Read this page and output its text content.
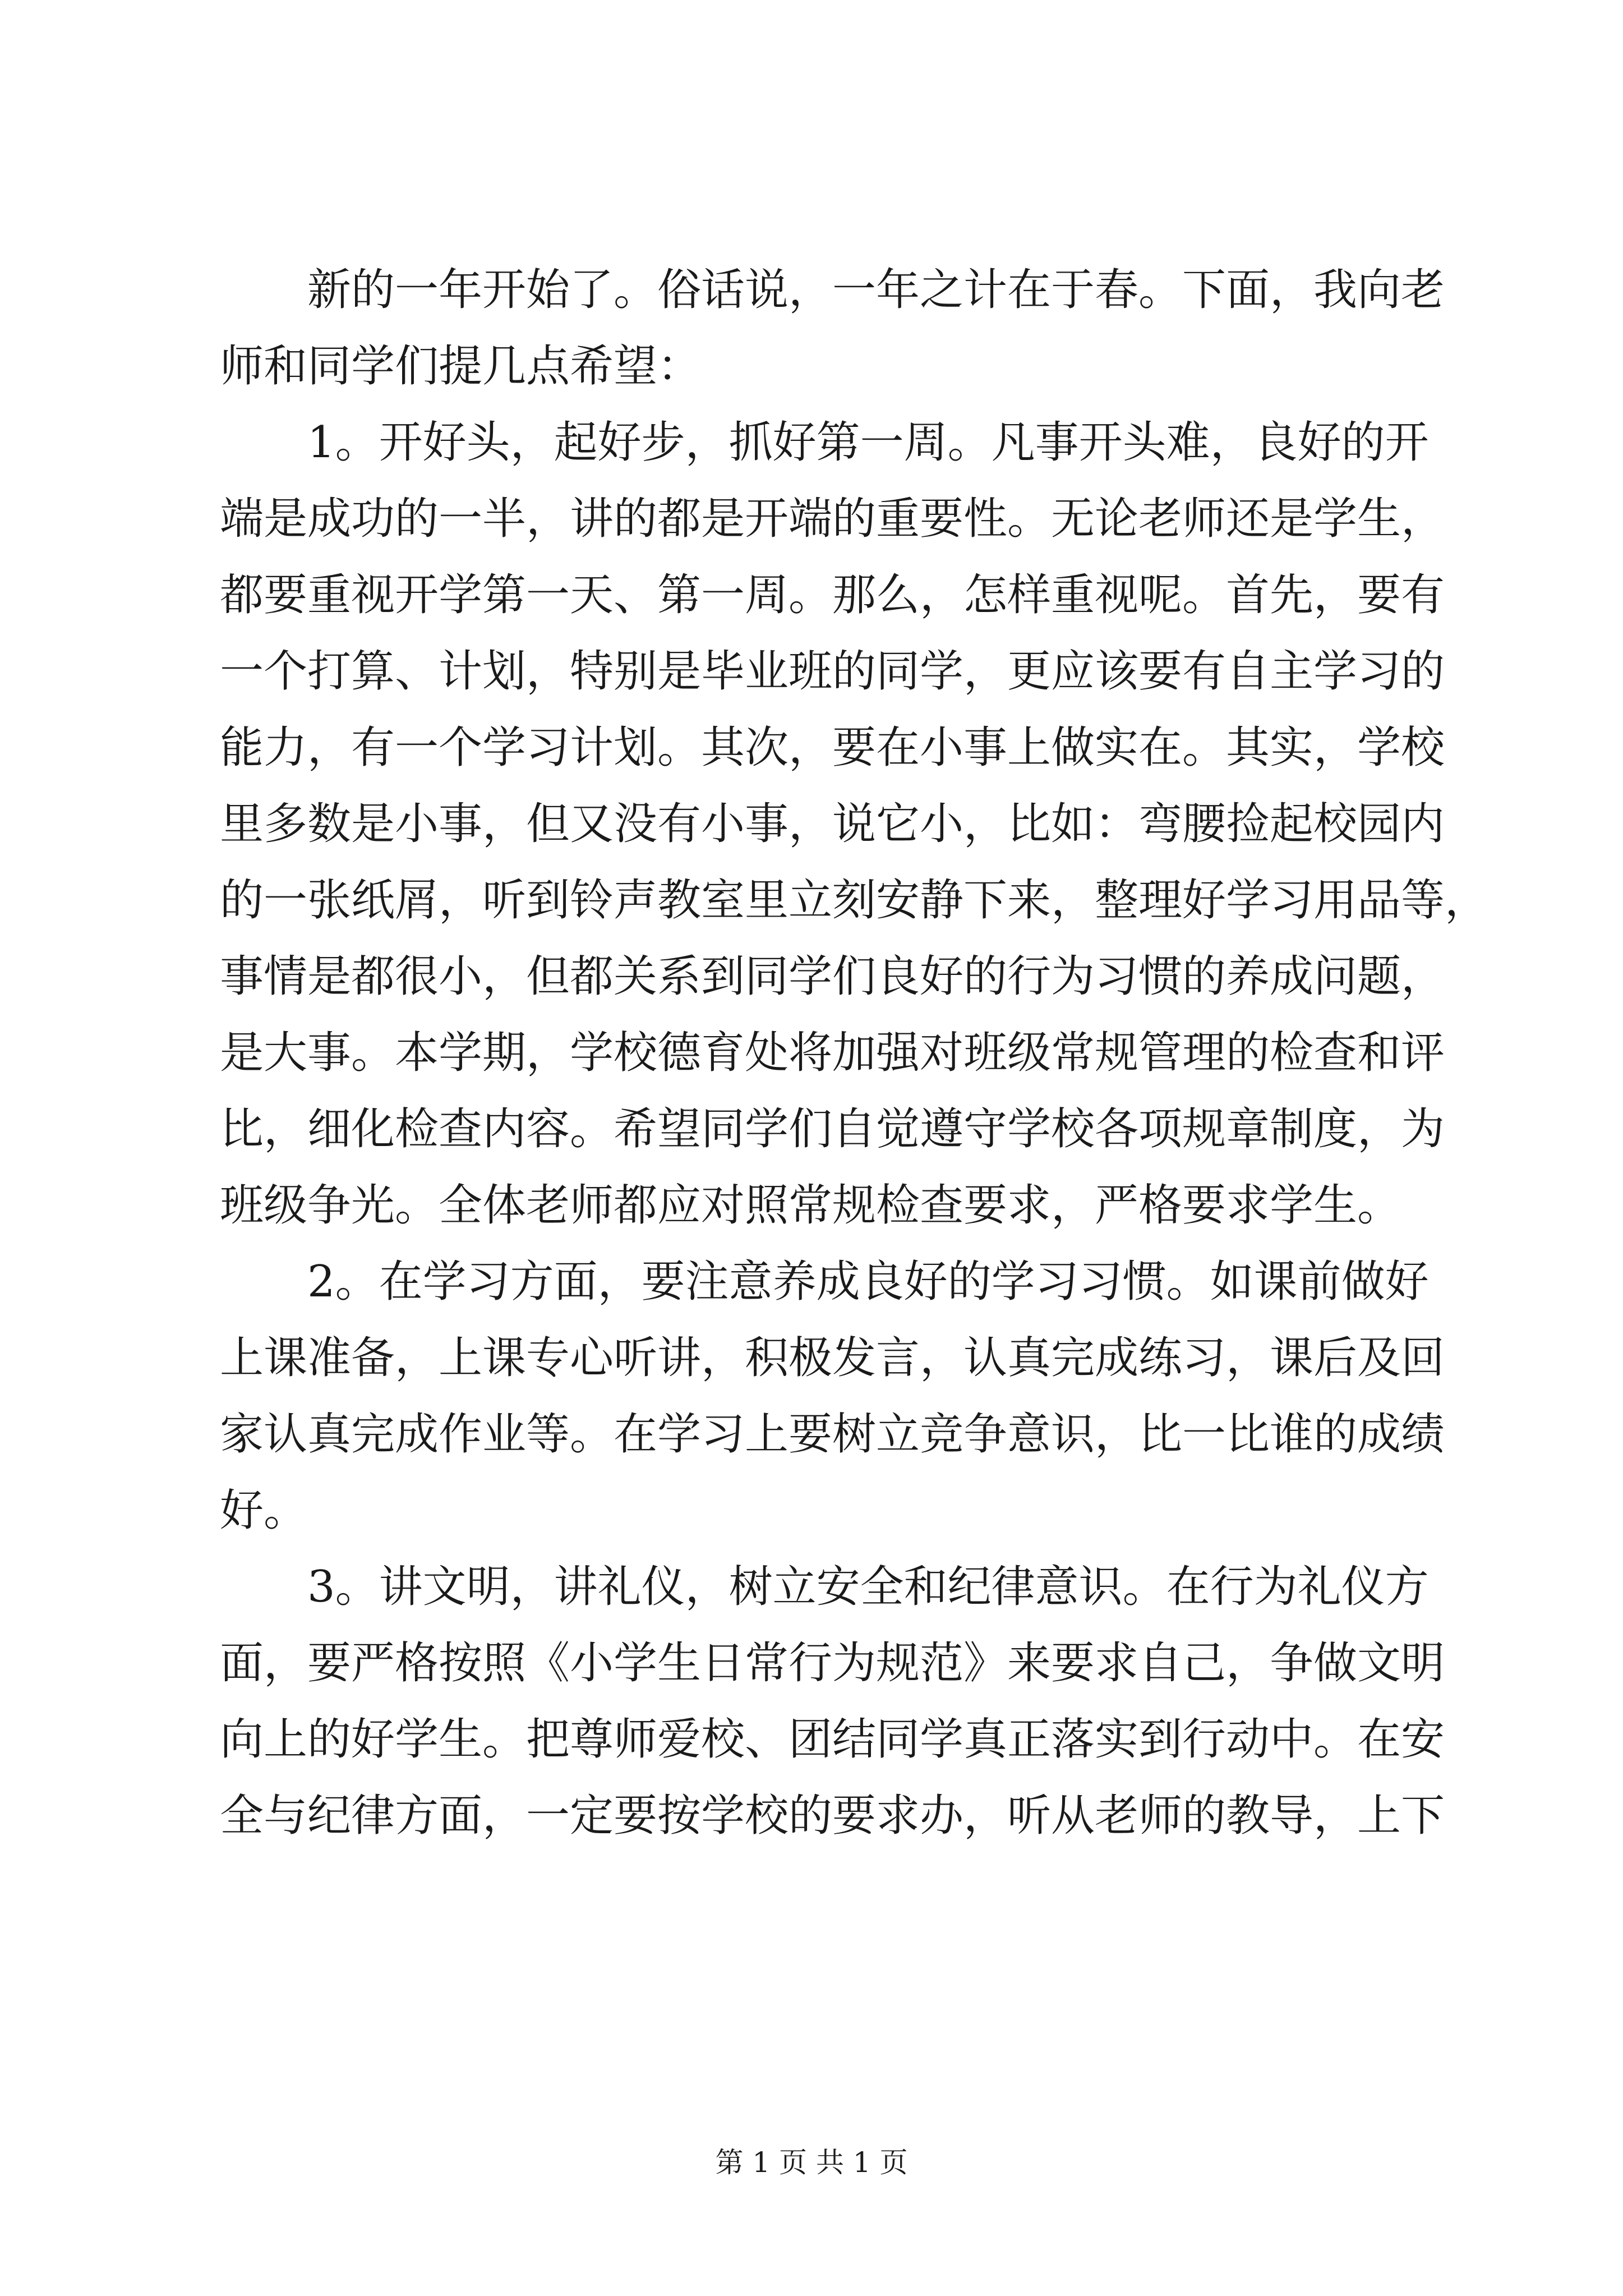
　　新的一年开始了。俗话说，一年之计在于春。下面，我向老
师和同学们提几点希望：
　　1。开好头，起好步，抓好第一周。凡事开头难，良好的开
端是成功的一半，讲的都是开端的重要性。无论老师还是学生，
都要重视开学第一天、第一周。那么，怎样重视呢。首先，要有
一个打算、计划，特别是毕业班的同学，更应该要有自主学习的
能力，有一个学习计划。其次，要在小事上做实在。其实，学校
里多数是小事，但又没有小事，说它小，比如：弯腰捡起校园内
的一张纸屑，听到铃声教室里立刻安静下来，整理好学习用品等，
事情是都很小，但都关系到同学们良好的行为习惯的养成问题，
是大事。本学期，学校德育处将加强对班级常规管理的检查和评
比，细化检查内容。希望同学们自觉遵守学校各项规章制度，为
班级争光。全体老师都应对照常规检查要求，严格要求学生。
　　2。在学习方面，要注意养成良好的学习习惯。如课前做好
上课准备，上课专心听讲，积极发言，认真完成练习，课后及回
家认真完成作业等。在学习上要树立竞争意识，比一比谁的成绩
好。
　　3。讲文明，讲礼仪，树立安全和纪律意识。在行为礼仪方
面，要严格按照《小学生日常行为规范》来要求自己，争做文明
向上的好学生。把尊师爱校、团结同学真正落实到行动中。在安
全与纪律方面，一定要按学校的要求办，听从老师的教导，上下
第 1 页 共 1 页
